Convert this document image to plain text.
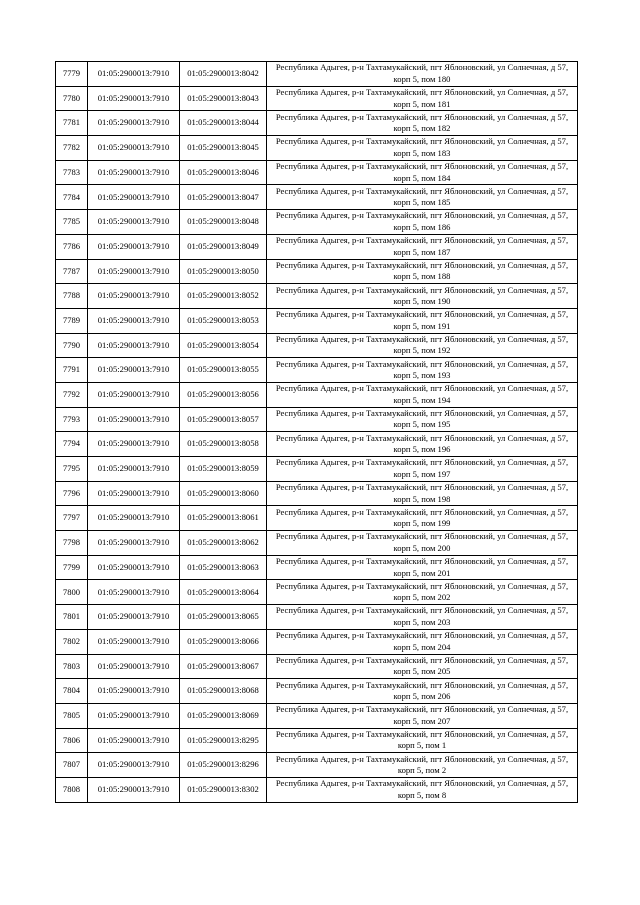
7779	01:05:2900013:7910	01:05:2900013:8042	Республика Адыгея, р-н Тахтамукайский, пгт Яблоновский, ул Солнечная, д 57, корп 5, пом 180
7780	01:05:2900013:7910	01:05:2900013:8043	Республика Адыгея, р-н Тахтамукайский, пгт Яблоновский, ул Солнечная, д 57, корп 5, пом 181
7781	01:05:2900013:7910	01:05:2900013:8044	Республика Адыгея, р-н Тахтамукайский, пгт Яблоновский, ул Солнечная, д 57, корп 5, пом 182
7782	01:05:2900013:7910	01:05:2900013:8045	Республика Адыгея, р-н Тахтамукайский, пгт Яблоновский, ул Солнечная, д 57, корп 5, пом 183
7783	01:05:2900013:7910	01:05:2900013:8046	Республика Адыгея, р-н Тахтамукайский, пгт Яблоновский, ул Солнечная, д 57, корп 5, пом 184
7784	01:05:2900013:7910	01:05:2900013:8047	Республика Адыгея, р-н Тахтамукайский, пгт Яблоновский, ул Солнечная, д 57, корп 5, пом 185
7785	01:05:2900013:7910	01:05:2900013:8048	Республика Адыгея, р-н Тахтамукайский, пгт Яблоновский, ул Солнечная, д 57, корп 5, пом 186
7786	01:05:2900013:7910	01:05:2900013:8049	Республика Адыгея, р-н Тахтамукайский, пгт Яблоновский, ул Солнечная, д 57, корп 5, пом 187
7787	01:05:2900013:7910	01:05:2900013:8050	Республика Адыгея, р-н Тахтамукайский, пгт Яблоновский, ул Солнечная, д 57, корп 5, пом 188
7788	01:05:2900013:7910	01:05:2900013:8052	Республика Адыгея, р-н Тахтамукайский, пгт Яблоновский, ул Солнечная, д 57, корп 5, пом 190
7789	01:05:2900013:7910	01:05:2900013:8053	Республика Адыгея, р-н Тахтамукайский, пгт Яблоновский, ул Солнечная, д 57, корп 5, пом 191
7790	01:05:2900013:7910	01:05:2900013:8054	Республика Адыгея, р-н Тахтамукайский, пгт Яблоновский, ул Солнечная, д 57, корп 5, пом 192
7791	01:05:2900013:7910	01:05:2900013:8055	Республика Адыгея, р-н Тахтамукайский, пгт Яблоновский, ул Солнечная, д 57, корп 5, пом 193
7792	01:05:2900013:7910	01:05:2900013:8056	Республика Адыгея, р-н Тахтамукайский, пгт Яблоновский, ул Солнечная, д 57, корп 5, пом 194
7793	01:05:2900013:7910	01:05:2900013:8057	Республика Адыгея, р-н Тахтамукайский, пгт Яблоновский, ул Солнечная, д 57, корп 5, пом 195
7794	01:05:2900013:7910	01:05:2900013:8058	Республика Адыгея, р-н Тахтамукайский, пгт Яблоновский, ул Солнечная, д 57, корп 5, пом 196
7795	01:05:2900013:7910	01:05:2900013:8059	Республика Адыгея, р-н Тахтамукайский, пгт Яблоновский, ул Солнечная, д 57, корп 5, пом 197
7796	01:05:2900013:7910	01:05:2900013:8060	Республика Адыгея, р-н Тахтамукайский, пгт Яблоновский, ул Солнечная, д 57, корп 5, пом 198
7797	01:05:2900013:7910	01:05:2900013:8061	Республика Адыгея, р-н Тахтамукайский, пгт Яблоновский, ул Солнечная, д 57, корп 5, пом 199
7798	01:05:2900013:7910	01:05:2900013:8062	Республика Адыгея, р-н Тахтамукайский, пгт Яблоновский, ул Солнечная, д 57, корп 5, пом 200
7799	01:05:2900013:7910	01:05:2900013:8063	Республика Адыгея, р-н Тахтамукайский, пгт Яблоновский, ул Солнечная, д 57, корп 5, пом 201
7800	01:05:2900013:7910	01:05:2900013:8064	Республика Адыгея, р-н Тахтамукайский, пгт Яблоновский, ул Солнечная, д 57, корп 5, пом 202
7801	01:05:2900013:7910	01:05:2900013:8065	Республика Адыгея, р-н Тахтамукайский, пгт Яблоновский, ул Солнечная, д 57, корп 5, пом 203
7802	01:05:2900013:7910	01:05:2900013:8066	Республика Адыгея, р-н Тахтамукайский, пгт Яблоновский, ул Солнечная, д 57, корп 5, пом 204
7803	01:05:2900013:7910	01:05:2900013:8067	Республика Адыгея, р-н Тахтамукайский, пгт Яблоновский, ул Солнечная, д 57, корп 5, пом 205
7804	01:05:2900013:7910	01:05:2900013:8068	Республика Адыгея, р-н Тахтамукайский, пгт Яблоновский, ул Солнечная, д 57, корп 5, пом 206
7805	01:05:2900013:7910	01:05:2900013:8069	Республика Адыгея, р-н Тахтамукайский, пгт Яблоновский, ул Солнечная, д 57, корп 5, пом 207
7806	01:05:2900013:7910	01:05:2900013:8295	Республика Адыгея, р-н Тахтамукайский, пгт Яблоновский, ул Солнечная, д 57, корп 5, пом 1
7807	01:05:2900013:7910	01:05:2900013:8296	Республика Адыгея, р-н Тахтамукайский, пгт Яблоновский, ул Солнечная, д 57, корп 5, пом 2
7808	01:05:2900013:7910	01:05:2900013:8302	Республика Адыгея, р-н Тахтамукайский, пгт Яблоновский, ул Солнечная, д 57, корп 5, пом 8
